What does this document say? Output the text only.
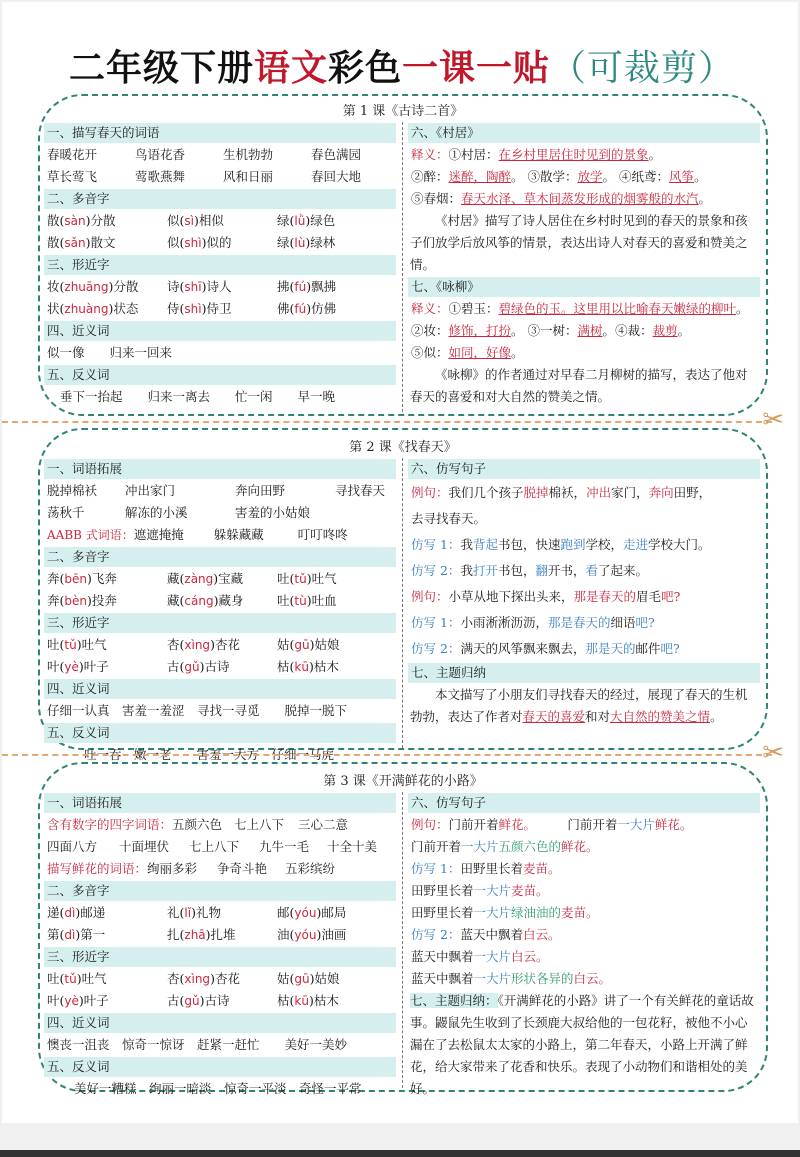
二年级下册语文彩色一课一贴（可裁剪）
第 1 课《古诗二首》
一、描写春天的词语
春暖花开	鸟语花香	生机勃勃	春色满园
草长莺飞	莺歌燕舞	风和日丽	春回大地
二、多音字
散(sàn)分散	似(sì)相似	绿(lǜ)绿色
散(sǎn)散文	似(shì)似的	绿(lù)绿林
三、形近字
妆(zhuāng)分散	诗(shī)诗人	拂(fú)飘拂
状(zhuàng)状态	侍(shì)侍卫	佛(fú)仿佛
四、近义词
似一像　　归来一回来
五、反义词
垂下一抬起　　归来一离去　　忙一闲　　早一晚
六、《村居》
释义：①村居：在乡村里居住时见到的景象。
②醉：迷醉，陶醉。 ③散学：放学。 ④纸鸢：风筝。
⑤春烟：春天水泽、草木间蒸发形成的烟雾般的水汽。
《村居》描写了诗人居住在乡村时见到的春天的景象和孩子们放学后放风筝的情景，表达出诗人对春天的喜爱和赞美之情。
七、《咏柳》
释义：①碧玉：碧绿色的玉。这里用以比喻春天嫩绿的柳叶。
②妆：修饰，打扮。 ③一树：满树。④裁：裁剪。
⑤似：如同，好像。
《咏柳》的作者通过对早春二月柳树的描写，表达了他对春天的喜爱和对大自然的赞美之情。
✂
第 2 课《找春天》
一、词语拓展
脱掉棉袄	冲出家门	奔向田野	寻找春天
荡秋千	解冻的小溪	害羞的小姑娘
AABB 式词语： 遮遮掩掩	躲躲藏藏	叮叮咚咚
二、多音字
奔(bēn)飞奔	藏(zàng)宝藏	吐(tǔ)吐气
奔(bèn)投奔	藏(cáng)藏身	吐(tù)吐血
三、形近字
吐(tǔ)吐气	杏(xìng)杏花	姑(gū)姑娘
叶(yè)叶子	古(gǔ)古诗	枯(kū)枯木
四、近义词
仔细一认真　害羞一羞涩　寻找一寻觅　　脱掉一脱下
五、反义词
吐一吞　嫩一老　　害羞一大方　仔细一马虎
六、仿写句子
例句：我们几个孩子脱掉棉袄，冲出家门，奔向田野，
去寻找春天。
仿写 1：我背起书包，快速跑到学校，走进学校大门。
仿写 2：我打开书包，翻开书，看了起来。
例句：小草从地下探出头来，那是春天的眉毛吧?
仿写 1：小雨淅淅沥沥，那是春天的细语吧?
仿写 2：满天的风筝飘来飘去，那是天的邮件吧?
七、主题归纳
本文描写了小朋友们寻找春天的经过，展现了春天的生机勃勃，表达了作者对春天的喜爱和对大自然的赞美之情。
✂
第 3 课《开满鲜花的小路》
一、词语拓展
含有数字的四字词语： 五颜六色 七上八下	三心二意
四面八方	十面埋伏	七上八下	九牛一毛	十全十美
描写鲜花的词语： 绚丽多彩	争奇斗艳	五彩缤纷
二、多音字
递(dì)邮递	礼(lǐ)礼物	邮(yóu)邮局
第(dì)第一	扎(zhā)扎堆	油(yóu)油画
三、形近字
吐(tǔ)吐气	杏(xìng)杏花	姑(gū)姑娘
叶(yè)叶子	古(gǔ)古诗	枯(kū)枯木
四、近义词
懊丧一沮丧　惊奇一惊讶　赶紧一赶忙　　美好一美妙
五、反义词
美好一糟糕　绚丽一暗淡　惊奇一平淡　奇怪一平常
六、仿写句子
例句：门前开着鲜花。　　　	门前开着一大片鲜花。
门前开着一大片五颜六色的鲜花。
仿写 1：田野里长着麦苗。
田野里长着一大片麦苗。
田野里长着一大片绿油油的麦苗。
仿写 2：蓝天中飘着白云。
蓝天中飘着一大片白云。
蓝天中飘着一大片形状各异的白云。
七、主题归纳：《开满鲜花的小路》讲了一个有关鲜花的童话故事。鼹鼠先生收到了长颈鹿大叔给他的一包花籽，被他不小心漏在了去松鼠太太家的小路上，第二年春天，小路上开满了鲜花，给大家带来了花香和快乐。表现了小动物们和谐相处的美好。
